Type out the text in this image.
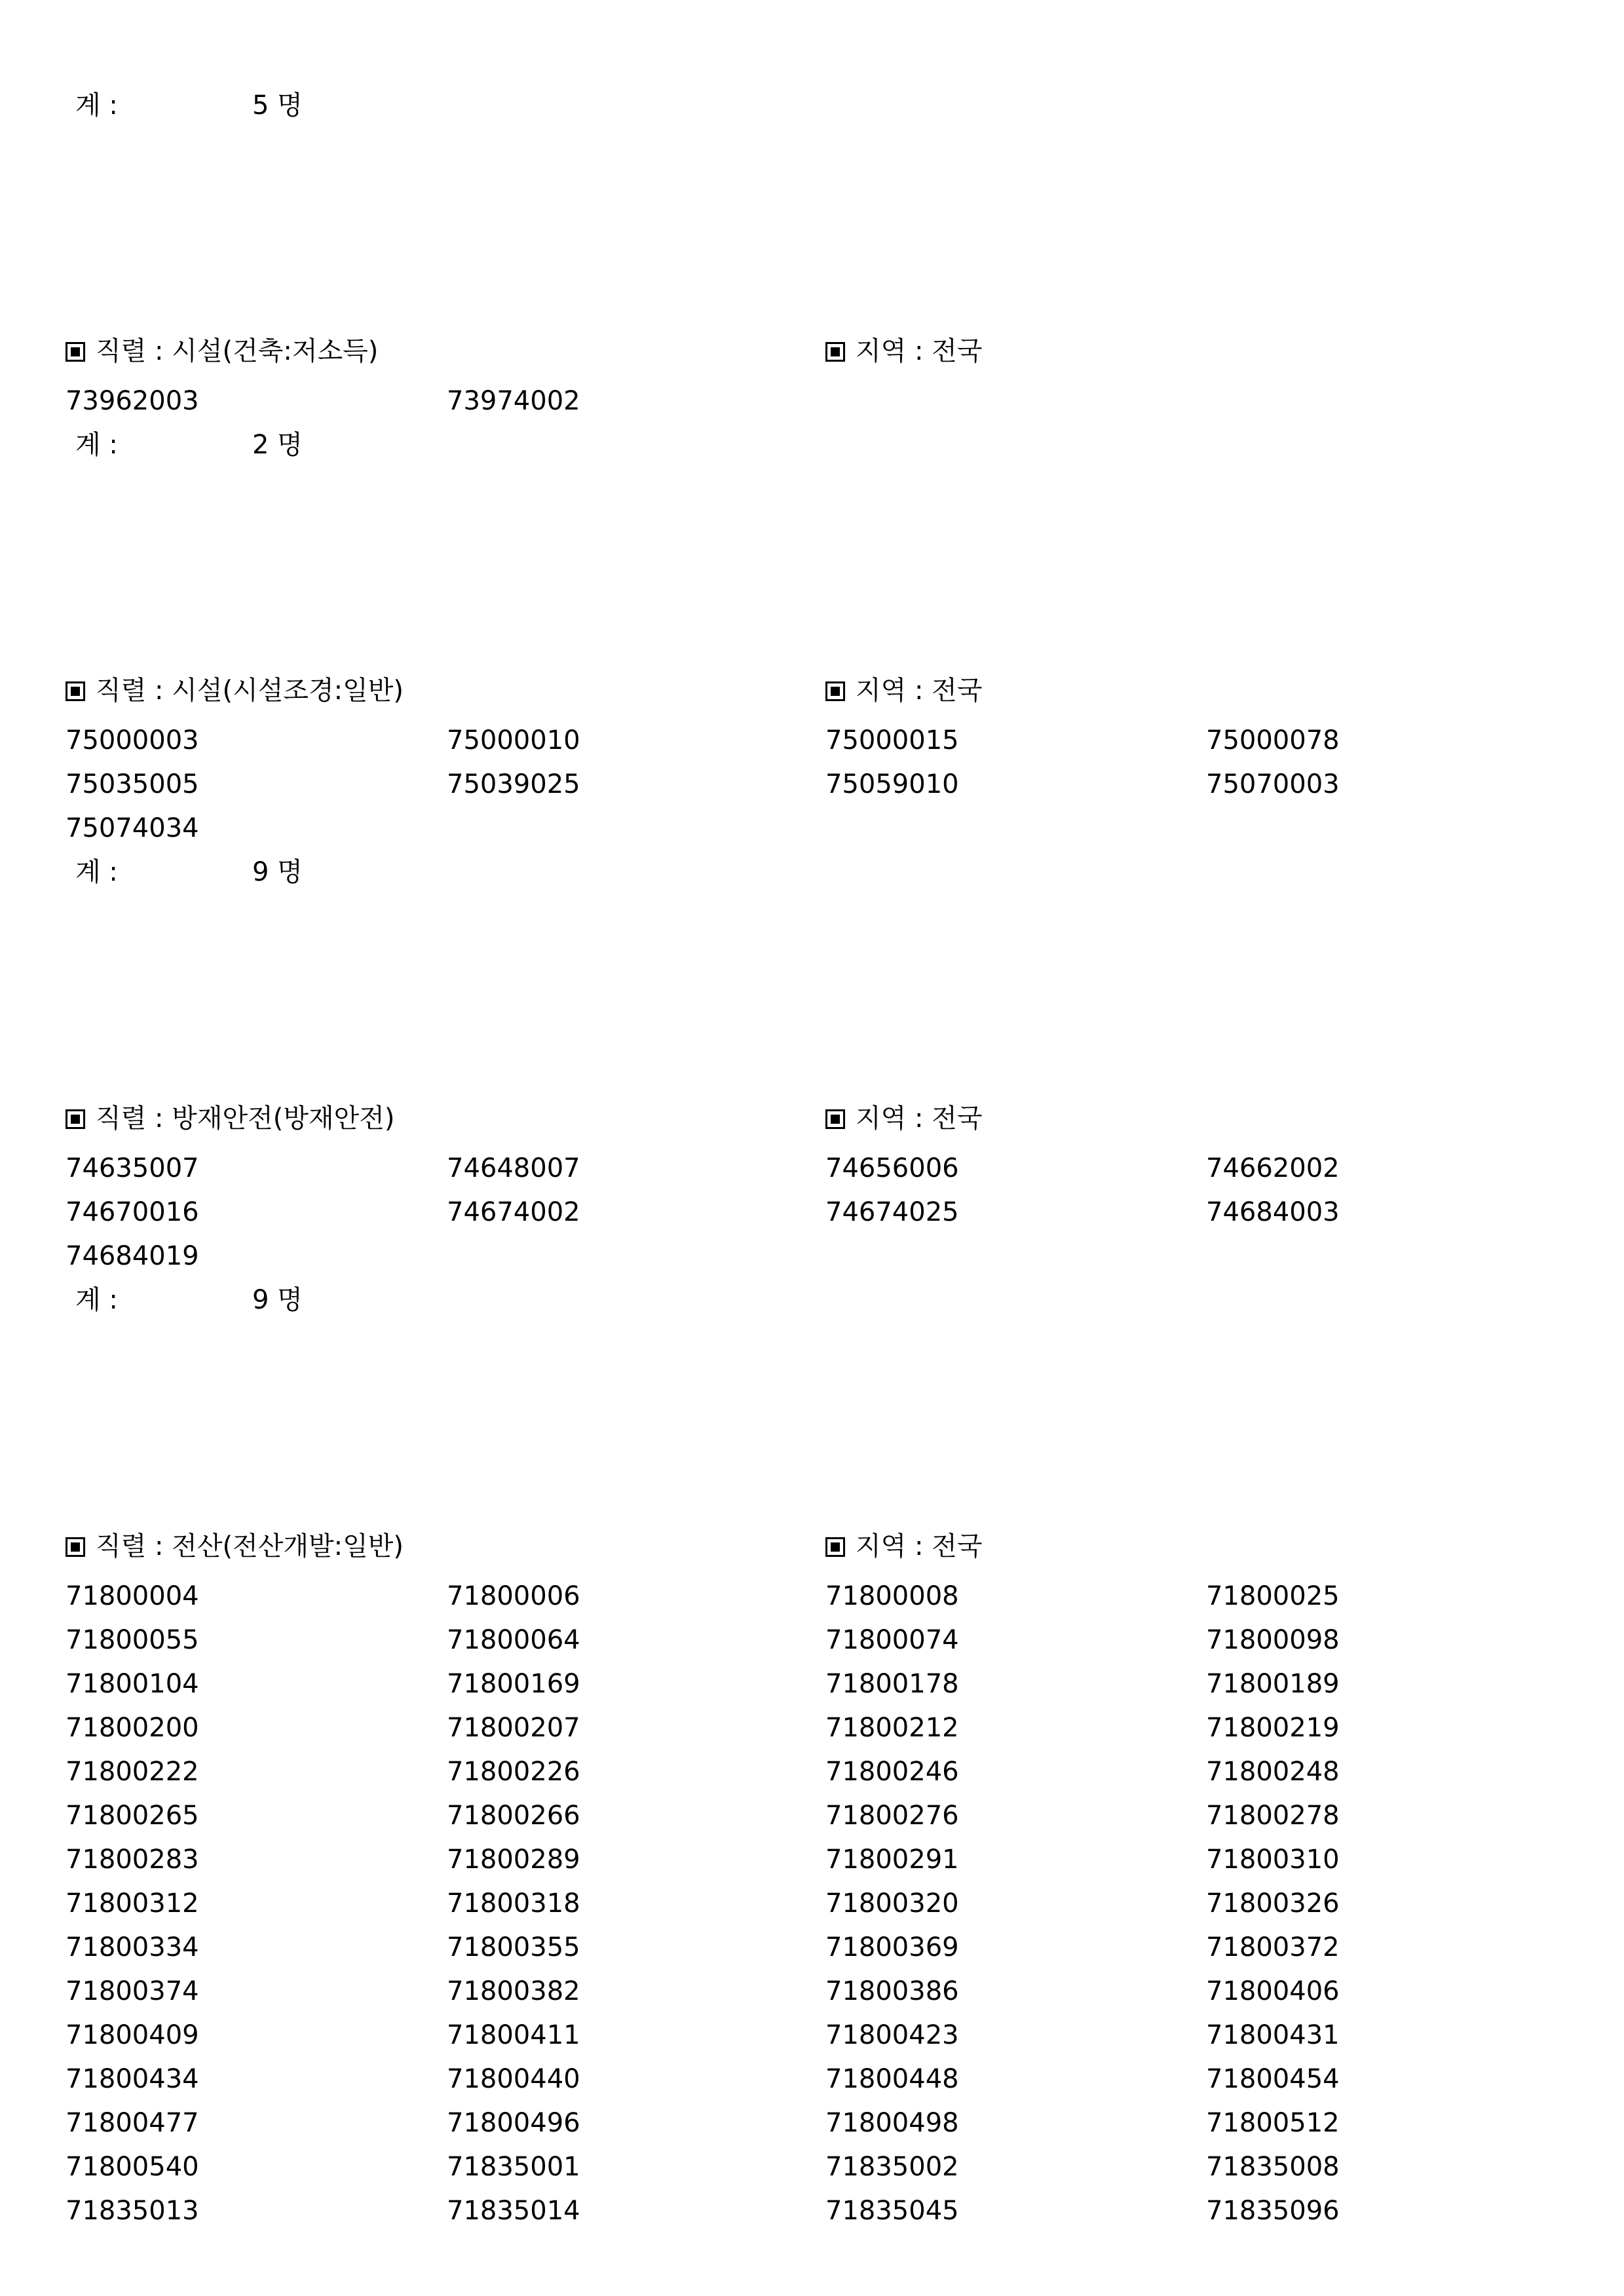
계 :	5 명
직렬 : 시설(건축:저소득)	지역 : 전국
73962003	73974002
계 :	2 명
직렬 : 시설(시설조경:일반)	지역 : 전국
75000003	75000010	75000015	75000078
75035005	75039025	75059010	75070003
75074034
계 :	9 명
직렬 : 방재안전(방재안전)	지역 : 전국
74635007	74648007	74656006	74662002
74670016	74674002	74674025	74684003
74684019
계 :	9 명
직렬 : 전산(전산개발:일반)	지역 : 전국
71800004	71800006	71800008	71800025
71800055	71800064	71800074	71800098
71800104	71800169	71800178	71800189
71800200	71800207	71800212	71800219
71800222	71800226	71800246	71800248
71800265	71800266	71800276	71800278
71800283	71800289	71800291	71800310
71800312	71800318	71800320	71800326
71800334	71800355	71800369	71800372
71800374	71800382	71800386	71800406
71800409	71800411	71800423	71800431
71800434	71800440	71800448	71800454
71800477	71800496	71800498	71800512
71800540	71835001	71835002	71835008
71835013	71835014	71835045	71835096
